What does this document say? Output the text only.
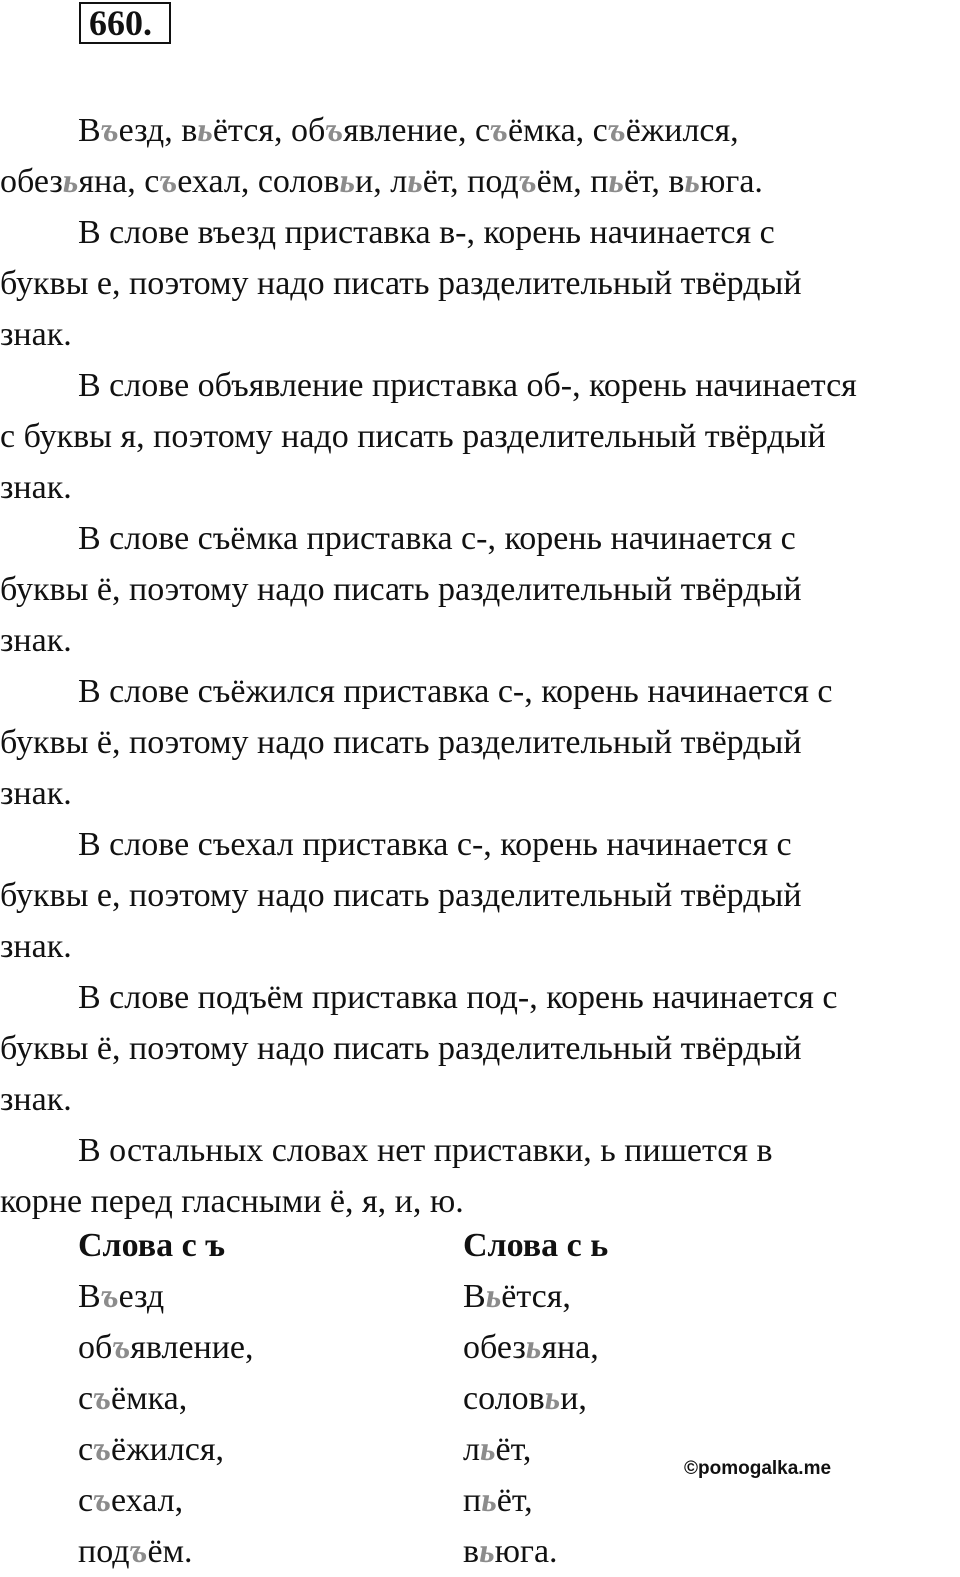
660.
Въезд, вьётся, объявление, съёмка, съёжился,
обезьяна, съехал, соловьи, льёт, подъём, пьёт, вьюга.
В слове въезд приставка в-, корень начинается с
буквы е, поэтому надо писать разделительный твёрдый
знак.
В слове объявление приставка об-, корень начинается
с буквы я, поэтому надо писать разделительный твёрдый
знак.
В слове съёмка приставка с-, корень начинается с
буквы ё, поэтому надо писать разделительный твёрдый
знак.
В слове съёжился приставка с-, корень начинается с
буквы ё, поэтому надо писать разделительный твёрдый
знак.
В слове съехал приставка с-, корень начинается с
буквы е, поэтому надо писать разделительный твёрдый
знак.
В слове подъём приставка под-, корень начинается с
буквы ё, поэтому надо писать разделительный твёрдый
знак.
В остальных словах нет приставки, ь пишется в
корне перед гласными ё, я, и, ю.
Слова с ъ
Въезд
объявление,
съёмка,
съёжился,
съехал,
подъём.
Слова с ь
Вьётся,
обезьяна,
соловьи,
льёт,
пьёт,
вьюга.
©pomogalka.me
